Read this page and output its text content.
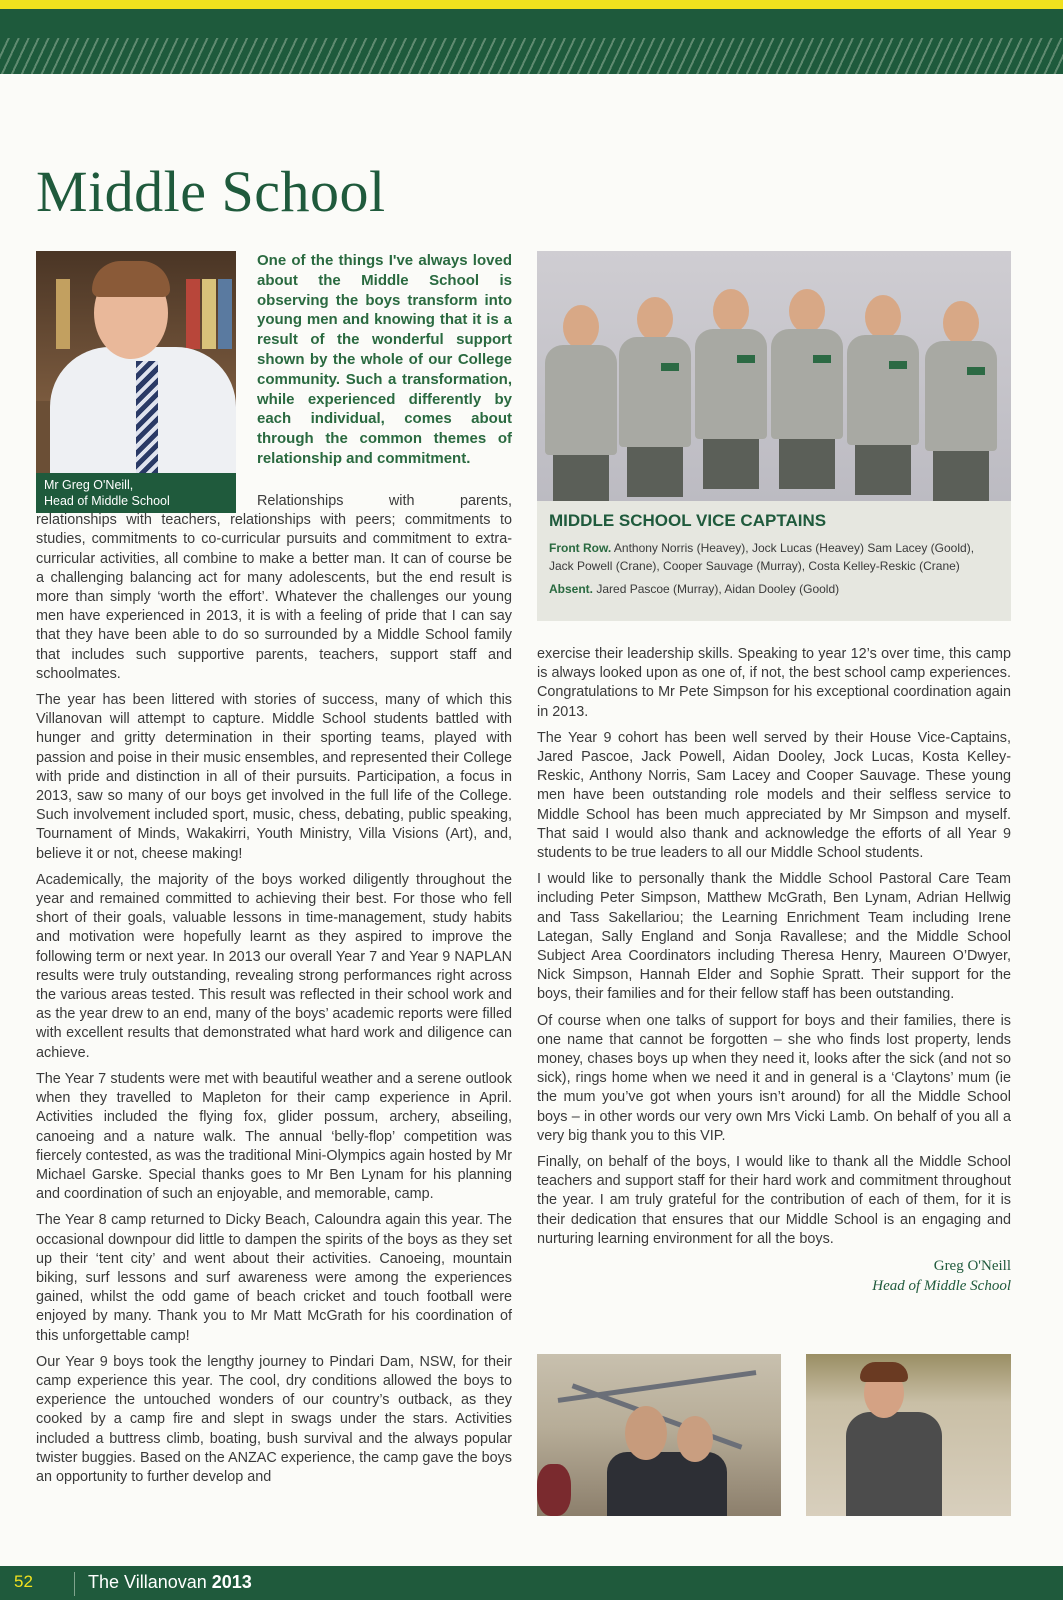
Middle School
Mr Greg O'Neill,
Head of Middle School

One of the things I've always loved about the Middle School is observing the boys transform into young men and knowing that it is a result of the wonderful support shown by the whole of our College community. Such a transformation, while experienced differently by each individual, comes about through the common themes of relationship and commitment.

Relationships with parents, relationships with teachers, relationships with peers; commitments to studies, commitments to co-curricular pursuits and commitment to extra-curricular activities, all combine to make a better man. It can of course be a challenging balancing act for many adolescents, but the end result is more than simply ‘worth the effort’. Whatever the challenges our young men have experienced in 2013, it is with a feeling of pride that I can say that they have been able to do so surrounded by a Middle School family that includes such supportive parents, teachers, support staff and schoolmates.

The year has been littered with stories of success, many of which this Villanovan will attempt to capture. Middle School students battled with hunger and gritty determination in their sporting teams, played with passion and poise in their music ensembles, and represented their College with pride and distinction in all of their pursuits. Participation, a focus in 2013, saw so many of our boys get involved in the full life of the College. Such involvement included sport, music, chess, debating, public speaking, Tournament of Minds, Wakakirri, Youth Ministry, Villa Visions (Art), and, believe it or not, cheese making!

Academically, the majority of the boys worked diligently throughout the year and remained committed to achieving their best. For those who fell short of their goals, valuable lessons in time-management, study habits and motivation were hopefully learnt as they aspired to improve the following term or next year. In 2013 our overall Year 7 and Year 9 NAPLAN results were truly outstanding, revealing strong performances right across the various areas tested. This result was reflected in their school work and as the year drew to an end, many of the boys’ academic reports were filled with excellent results that demonstrated what hard work and diligence can achieve.

The Year 7 students were met with beautiful weather and a serene outlook when they travelled to Mapleton for their camp experience in April. Activities included the flying fox, glider possum, archery, abseiling, canoeing and a nature walk. The annual ‘belly-flop’ competition was fiercely contested, as was the traditional Mini-Olympics again hosted by Mr Michael Garske. Special thanks goes to Mr Ben Lynam for his planning and coordination of such an enjoyable, and memorable, camp.

The Year 8 camp returned to Dicky Beach, Caloundra again this year. The occasional downpour did little to dampen the spirits of the boys as they set up their ‘tent city’ and went about their activities. Canoeing, mountain biking, surf lessons and surf awareness were among the experiences gained, whilst the odd game of beach cricket and touch football were enjoyed by many. Thank you to Mr Matt McGrath for his coordination of this unforgettable camp!

Our Year 9 boys took the lengthy journey to Pindari Dam, NSW, for their camp experience this year. The cool, dry conditions allowed the boys to experience the untouched wonders of our country’s outback, as they cooked by a camp fire and slept in swags under the stars. Activities included a buttress climb, boating, bush survival and the always popular twister buggies. Based on the ANZAC experience, the camp gave the boys an opportunity to further develop and

MIDDLE SCHOOL VICE CAPTAINS

Front Row. Anthony Norris (Heavey), Jock Lucas (Heavey) Sam Lacey (Goold), Jack Powell (Crane), Cooper Sauvage (Murray), Costa Kelley-Reskic (Crane)

Absent. Jared Pascoe (Murray), Aidan Dooley (Goold)

exercise their leadership skills. Speaking to year 12’s over time, this camp is always looked upon as one of, if not, the best school camp experiences. Congratulations to Mr Pete Simpson for his exceptional coordination again in 2013.

The Year 9 cohort has been well served by their House Vice-Captains, Jared Pascoe, Jack Powell, Aidan Dooley, Jock Lucas, Kosta Kelley-Reskic, Anthony Norris, Sam Lacey and Cooper Sauvage. These young men have been outstanding role models and their selfless service to Middle School has been much appreciated by Mr Simpson and myself. That said I would also thank and acknowledge the efforts of all Year 9 students to be true leaders to all our Middle School students.

I would like to personally thank the Middle School Pastoral Care Team including Peter Simpson, Matthew McGrath, Ben Lynam, Adrian Hellwig and Tass Sakellariou; the Learning Enrichment Team including Irene Lategan, Sally England and Sonja Ravallese; and the Middle School Subject Area Coordinators including Theresa Henry, Maureen O’Dwyer, Nick Simpson, Hannah Elder and Sophie Spratt. Their support for the boys, their families and for their fellow staff has been outstanding.

Of course when one talks of support for boys and their families, there is one name that cannot be forgotten – she who finds lost property, lends money, chases boys up when they need it, looks after the sick (and not so sick), rings home when we need it and in general is a ‘Claytons’ mum (ie the mum you’ve got when yours isn’t around) for all the Middle School boys – in other words our very own Mrs Vicki Lamb. On behalf of you all a very big thank you to this VIP.

Finally, on behalf of the boys, I would like to thank all the Middle School teachers and support staff for their hard work and commitment throughout the year. I am truly grateful for the contribution of each of them, for it is their dedication that ensures that our Middle School is an engaging and nurturing learning environment for all the boys.

Greg O'Neill
Head of Middle School
52	The Villanovan 2013
